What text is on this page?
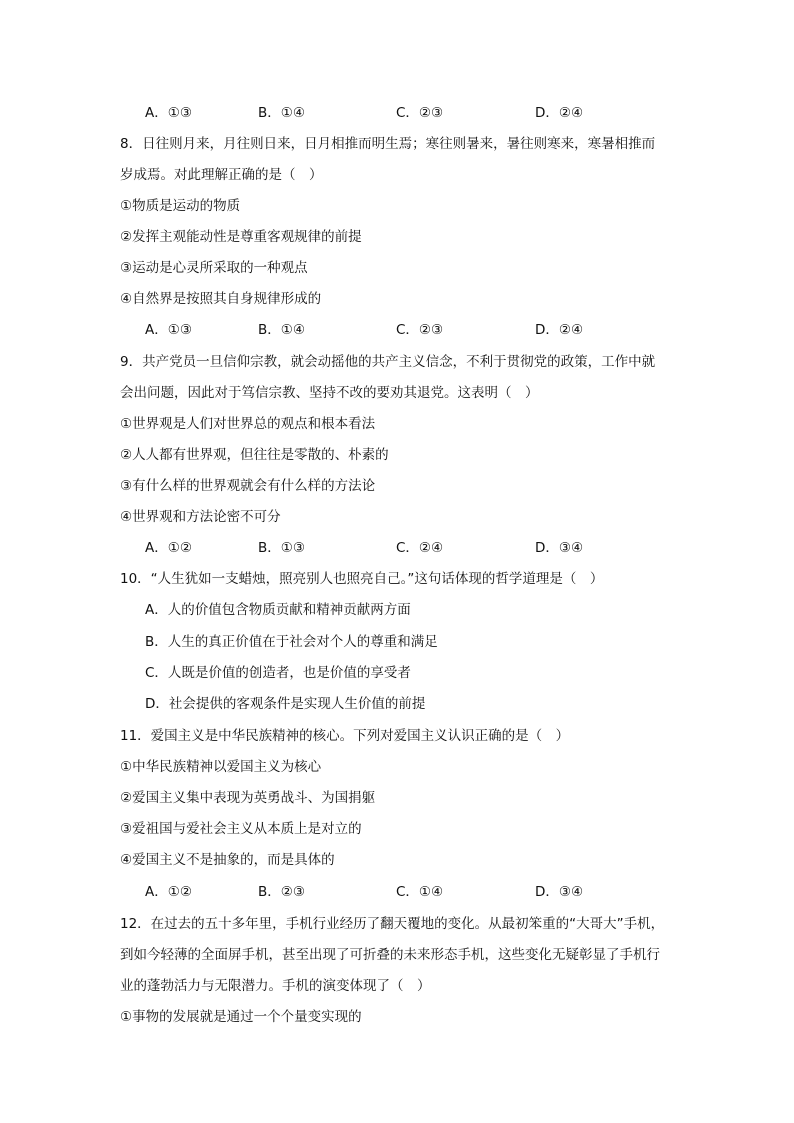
A．①③	B．①④	C．②③	D．②④
8．日往则月来，月往则日来，日月相推而明生焉；寒往则暑来，暑往则寒来，寒暑相推而
岁成焉。对此理解正确的是（　）
①物质是运动的物质
②发挥主观能动性是尊重客观规律的前提
③运动是心灵所采取的一种观点
④自然界是按照其自身规律形成的
A．①③	B．①④	C．②③	D．②④
9．共产党员一旦信仰宗教，就会动摇他的共产主义信念，不利于贯彻党的政策，工作中就
会出问题，因此对于笃信宗教、坚持不改的要劝其退党。这表明（　）
①世界观是人们对世界总的观点和根本看法
②人人都有世界观，但往往是零散的、朴素的
③有什么样的世界观就会有什么样的方法论
④世界观和方法论密不可分
A．①②	B．①③	C．②④	D．③④
10．“人生犹如一支蜡烛，照亮别人也照亮自己。”这句话体现的哲学道理是（　）
A．人的价值包含物质贡献和精神贡献两方面
B．人生的真正价值在于社会对个人的尊重和满足
C．人既是价值的创造者，也是价值的享受者
D．社会提供的客观条件是实现人生价值的前提
11．爱国主义是中华民族精神的核心。下列对爱国主义认识正确的是（　）
①中华民族精神以爱国主义为核心
②爱国主义集中表现为英勇战斗、为国捐躯
③爱祖国与爱社会主义从本质上是对立的
④爱国主义不是抽象的，而是具体的
A．①②	B．②③	C．①④	D．③④
12．在过去的五十多年里，手机行业经历了翻天覆地的变化。从最初笨重的“大哥大”手机，
到如今轻薄的全面屏手机，甚至出现了可折叠的未来形态手机，这些变化无疑彰显了手机行
业的蓬勃活力与无限潜力。手机的演变体现了（　）
①事物的发展就是通过一个个量变实现的
